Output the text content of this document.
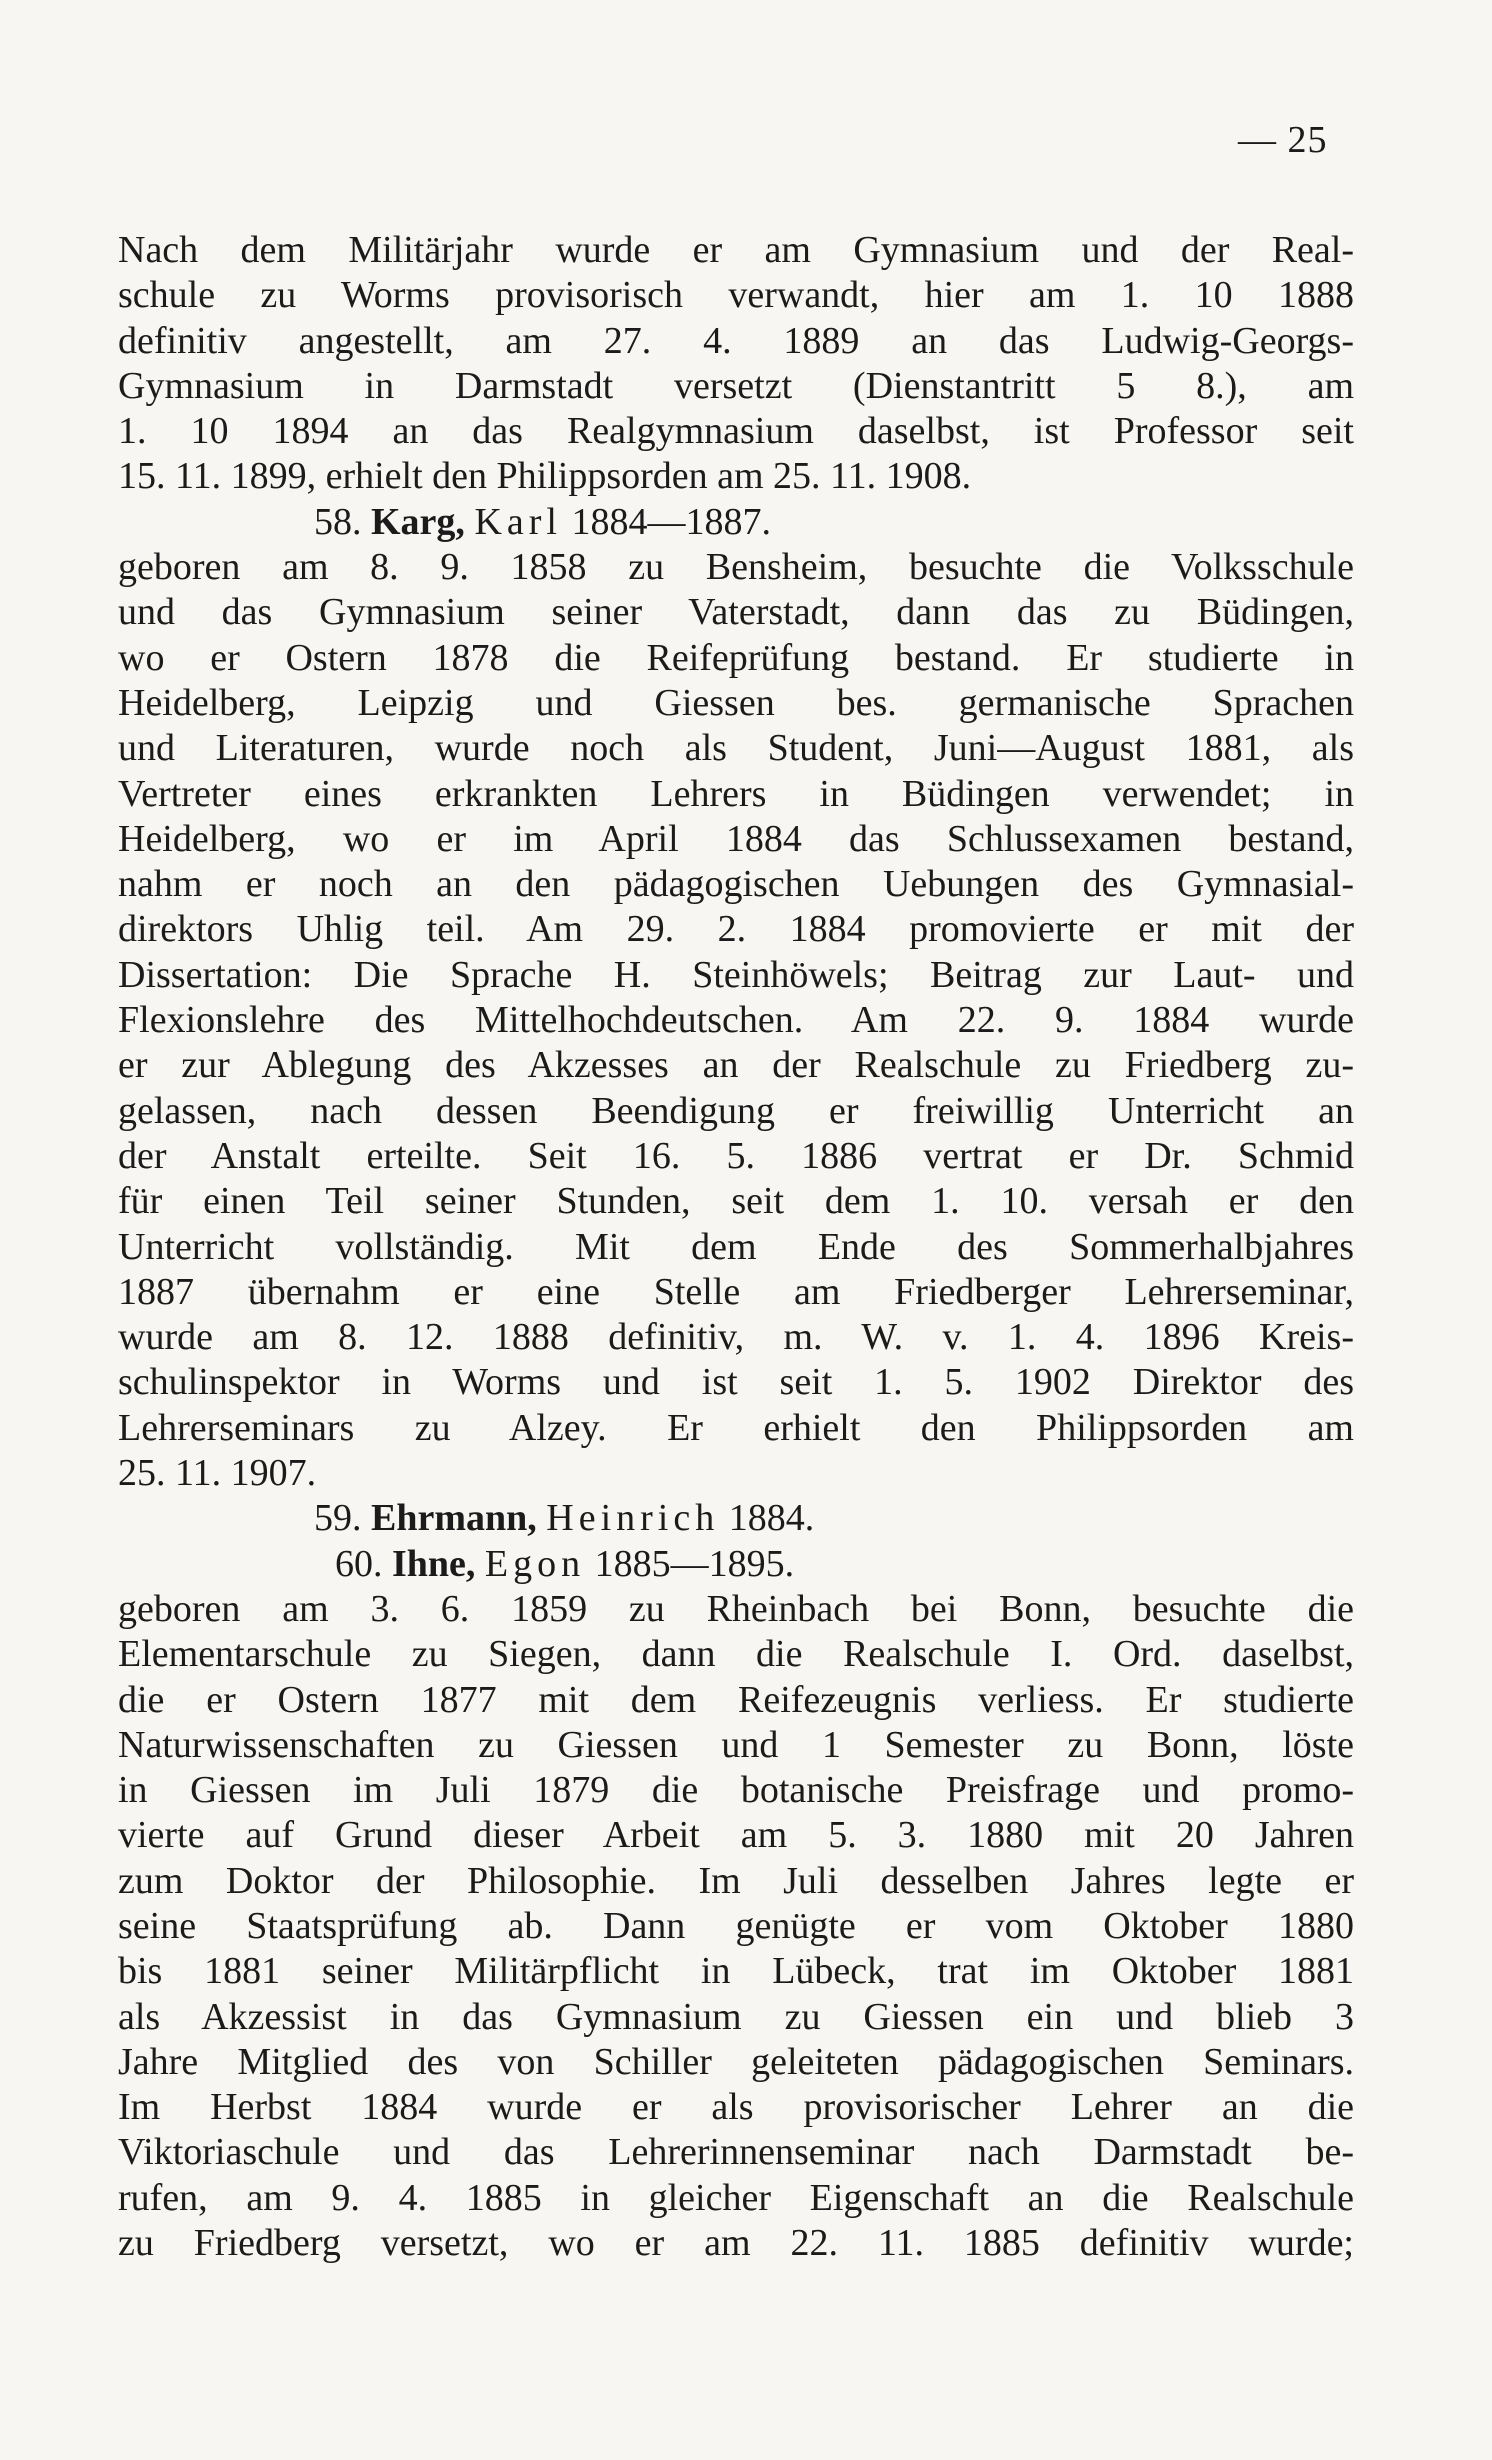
— 25
Nach dem Militärjahr wurde er am Gymnasium und der Real-
schule zu Worms provisorisch verwandt, hier am 1. 10 1888
definitiv angestellt, am 27. 4. 1889 an das Ludwig-Georgs-
Gymnasium in Darmstadt versetzt (Dienstantritt 5 8.), am
1. 10 1894 an das Realgymnasium daselbst, ist Professor seit
15. 11. 1899, erhielt den Philippsorden am 25. 11. 1908.
58. Karg, Karl 1884—1887.
geboren am 8. 9. 1858 zu Bensheim, besuchte die Volksschule
und das Gymnasium seiner Vaterstadt, dann das zu Büdingen,
wo er Ostern 1878 die Reifeprüfung bestand. Er studierte in
Heidelberg, Leipzig und Giessen bes. germanische Sprachen
und Literaturen, wurde noch als Student, Juni—August 1881, als
Vertreter eines erkrankten Lehrers in Büdingen verwendet; in
Heidelberg, wo er im April 1884 das Schlussexamen bestand,
nahm er noch an den pädagogischen Uebungen des Gymnasial-
direktors Uhlig teil. Am 29. 2. 1884 promovierte er mit der
Dissertation: Die Sprache H. Steinhöwels; Beitrag zur Laut- und
Flexionslehre des Mittelhochdeutschen. Am 22. 9. 1884 wurde
er zur Ablegung des Akzesses an der Realschule zu Friedberg zu-
gelassen, nach dessen Beendigung er freiwillig Unterricht an
der Anstalt erteilte. Seit 16. 5. 1886 vertrat er Dr. Schmid
für einen Teil seiner Stunden, seit dem 1. 10. versah er den
Unterricht vollständig. Mit dem Ende des Sommerhalbjahres
1887 übernahm er eine Stelle am Friedberger Lehrerseminar,
wurde am 8. 12. 1888 definitiv, m. W. v. 1. 4. 1896 Kreis-
schulinspektor in Worms und ist seit 1. 5. 1902 Direktor des
Lehrerseminars zu Alzey. Er erhielt den Philippsorden am
25. 11. 1907.
59. Ehrmann, Heinrich 1884.
60. Ihne, Egon 1885—1895.
geboren am 3. 6. 1859 zu Rheinbach bei Bonn, besuchte die
Elementarschule zu Siegen, dann die Realschule I. Ord. daselbst,
die er Ostern 1877 mit dem Reifezeugnis verliess. Er studierte
Naturwissenschaften zu Giessen und 1 Semester zu Bonn, löste
in Giessen im Juli 1879 die botanische Preisfrage und promo-
vierte auf Grund dieser Arbeit am 5. 3. 1880 mit 20 Jahren
zum Doktor der Philosophie. Im Juli desselben Jahres legte er
seine Staatsprüfung ab. Dann genügte er vom Oktober 1880
bis 1881 seiner Militärpflicht in Lübeck, trat im Oktober 1881
als Akzessist in das Gymnasium zu Giessen ein und blieb 3
Jahre Mitglied des von Schiller geleiteten pädagogischen Seminars.
Im Herbst 1884 wurde er als provisorischer Lehrer an die
Viktoriaschule und das Lehrerinnenseminar nach Darmstadt be-
rufen, am 9. 4. 1885 in gleicher Eigenschaft an die Realschule
zu Friedberg versetzt, wo er am 22. 11. 1885 definitiv wurde;
